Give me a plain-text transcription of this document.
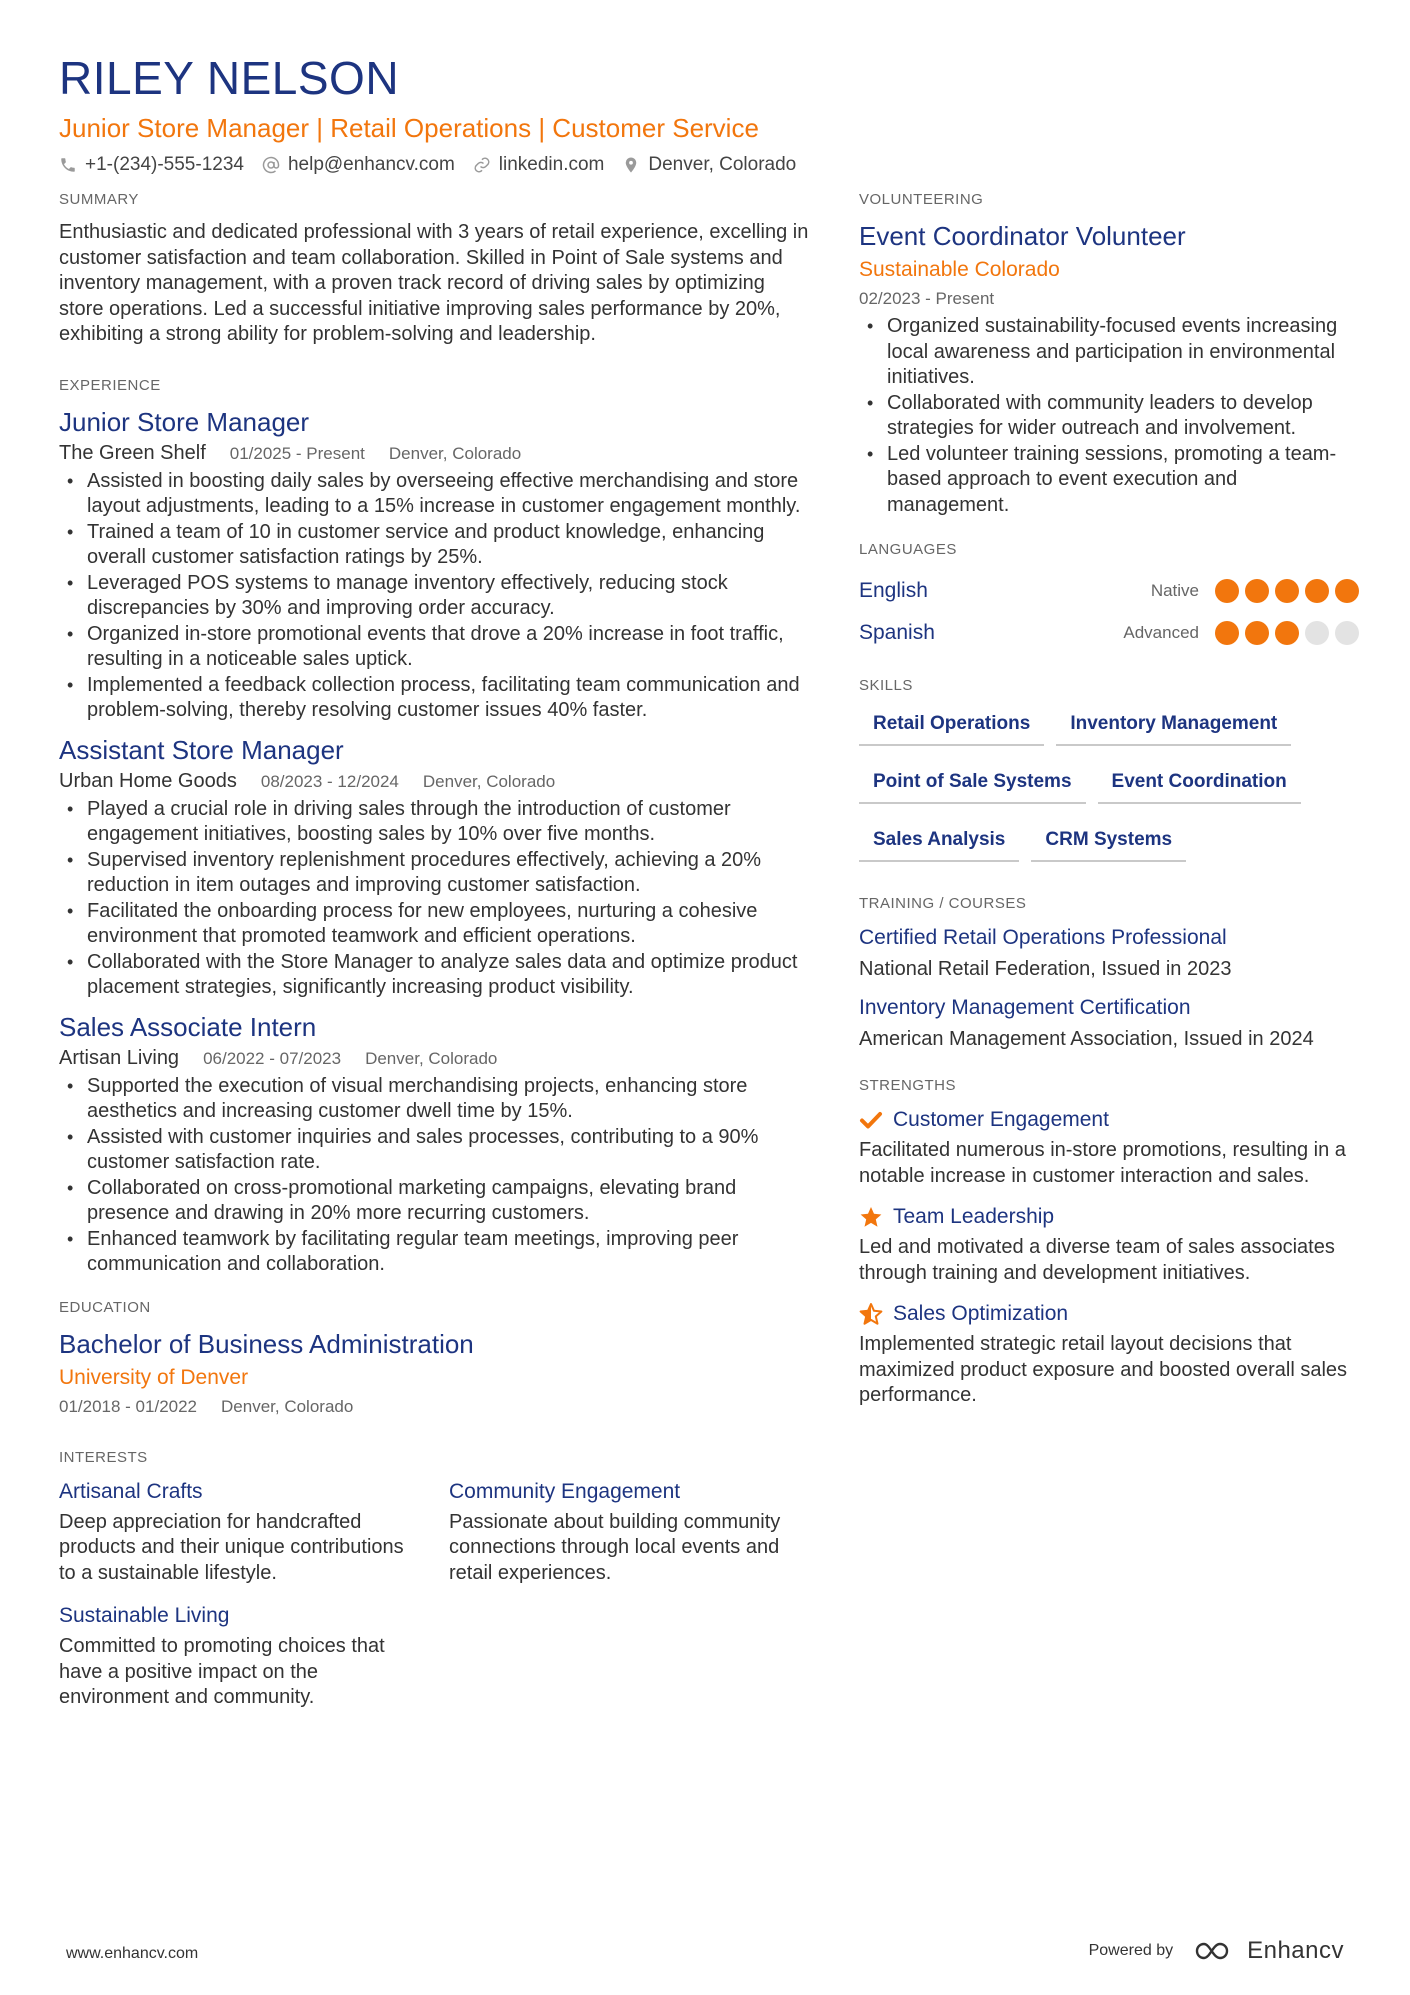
RILEY NELSON
Junior Store Manager | Retail Operations | Customer Service
+1-(234)-555-1234 help@enhancv.com linkedin.com Denver, Colorado
SUMMARY
Enthusiastic and dedicated professional with 3 years of retail experience, excelling in customer satisfaction and team collaboration. Skilled in Point of Sale systems and inventory management, with a proven track record of driving sales by optimizing store operations. Led a successful initiative improving sales performance by 20%, exhibiting a strong ability for problem-solving and leadership.
EXPERIENCE
Junior Store Manager
The Green Shelf 01/2025 - Present Denver, Colorado
• Assisted in boosting daily sales by overseeing effective merchandising and store layout adjustments, leading to a 15% increase in customer engagement monthly.
• Trained a team of 10 in customer service and product knowledge, enhancing overall customer satisfaction ratings by 25%.
• Leveraged POS systems to manage inventory effectively, reducing stock discrepancies by 30% and improving order accuracy.
• Organized in-store promotional events that drove a 20% increase in foot traffic, resulting in a noticeable sales uptick.
• Implemented a feedback collection process, facilitating team communication and problem-solving, thereby resolving customer issues 40% faster.
Assistant Store Manager
Urban Home Goods 08/2023 - 12/2024 Denver, Colorado
• Played a crucial role in driving sales through the introduction of customer engagement initiatives, boosting sales by 10% over five months.
• Supervised inventory replenishment procedures effectively, achieving a 20% reduction in item outages and improving customer satisfaction.
• Facilitated the onboarding process for new employees, nurturing a cohesive environment that promoted teamwork and efficient operations.
• Collaborated with the Store Manager to analyze sales data and optimize product placement strategies, significantly increasing product visibility.
Sales Associate Intern
Artisan Living 06/2022 - 07/2023 Denver, Colorado
• Supported the execution of visual merchandising projects, enhancing store aesthetics and increasing customer dwell time by 15%.
• Assisted with customer inquiries and sales processes, contributing to a 90% customer satisfaction rate.
• Collaborated on cross-promotional marketing campaigns, elevating brand presence and drawing in 20% more recurring customers.
• Enhanced teamwork by facilitating regular team meetings, improving peer communication and collaboration.
EDUCATION
Bachelor of Business Administration
University of Denver
01/2018 - 01/2022 Denver, Colorado
INTERESTS
Artisanal Crafts
Deep appreciation for handcrafted products and their unique contributions to a sustainable lifestyle.
Community Engagement
Passionate about building community connections through local events and retail experiences.
Sustainable Living
Committed to promoting choices that have a positive impact on the environment and community.
VOLUNTEERING
Event Coordinator Volunteer
Sustainable Colorado
02/2023 - Present
• Organized sustainability-focused events increasing local awareness and participation in environmental initiatives.
• Collaborated with community leaders to develop strategies for wider outreach and involvement.
• Led volunteer training sessions, promoting a team-based approach to event execution and management.
LANGUAGES
English	Native
Spanish	Advanced
SKILLS
Retail Operations	Inventory Management
Point of Sale Systems	Event Coordination
Sales Analysis	CRM Systems
TRAINING / COURSES
Certified Retail Operations Professional
National Retail Federation, Issued in 2023
Inventory Management Certification
American Management Association, Issued in 2024
STRENGTHS
Customer Engagement
Facilitated numerous in-store promotions, resulting in a notable increase in customer interaction and sales.
Team Leadership
Led and motivated a diverse team of sales associates through training and development initiatives.
Sales Optimization
Implemented strategic retail layout decisions that maximized product exposure and boosted overall sales performance.
www.enhancv.com	Powered by	Enhancv
